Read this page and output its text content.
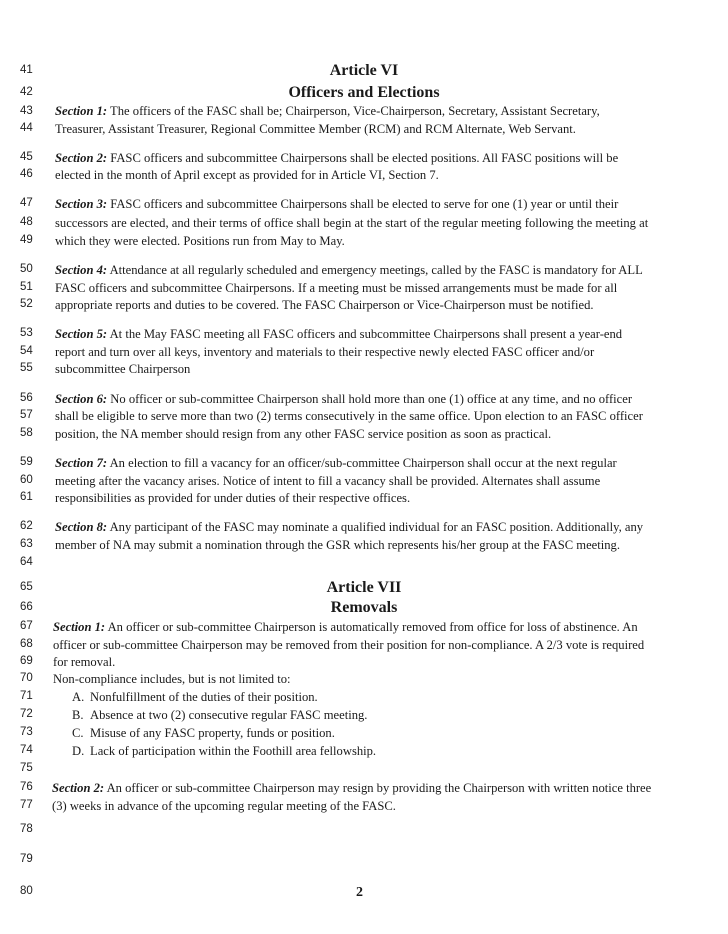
41
42
43
44
45
46
47
48
49
50
51
52
53
54
55
56
57
58
59
60
61
62
63
64
65
66
67
68
69
70
71
72
73
74
75
76
77
78
79
80
Article VI
Officers and Elections
Section 1: The officers of the FASC shall be; Chairperson, Vice-Chairperson, Secretary, Assistant Secretary,
Treasurer, Assistant Treasurer, Regional Committee Member (RCM) and RCM Alternate, Web Servant.
Section 2: FASC officers and subcommittee Chairpersons shall be elected positions. All FASC positions will be
elected in the month of April except as provided for in Article VI, Section 7.
Section 3: FASC officers and subcommittee Chairpersons shall be elected to serve for one (1) year or until their
successors are elected, and their terms of office shall begin at the start of the regular meeting following the meeting at
which they were elected. Positions run from May to May.
Section 4: Attendance at all regularly scheduled and emergency meetings, called by the FASC is mandatory for ALL
FASC officers and subcommittee Chairpersons. If a meeting must be missed arrangements must be made for all
appropriate reports and duties to be covered. The FASC Chairperson or Vice-Chairperson must be notified.
Section 5: At the May FASC meeting all FASC officers and subcommittee Chairpersons shall present a year-end
report and turn over all keys, inventory and materials to their respective newly elected FASC officer and/or
subcommittee Chairperson
Section 6: No officer or sub-committee Chairperson shall hold more than one (1) office at any time, and no officer
shall be eligible to serve more than two (2) terms consecutively in the same office. Upon election to an FASC officer
position, the NA member should resign from any other FASC service position as soon as practical.
Section 7: An election to fill a vacancy for an officer/sub-committee Chairperson shall occur at the next regular
meeting after the vacancy arises. Notice of intent to fill a vacancy shall be provided. Alternates shall assume
responsibilities as provided for under duties of their respective offices.
Section 8: Any participant of the FASC may nominate a qualified individual for an FASC position. Additionally, any
member of NA may submit a nomination through the GSR which represents his/her group at the FASC meeting.
Article VII
Removals
Section 1: An officer or sub-committee Chairperson is automatically removed from office for loss of abstinence. An
officer or sub-committee Chairperson may be removed from their position for non-compliance. A 2/3 vote is required
for removal.
Non-compliance includes, but is not limited to:
A. Nonfulfillment of the duties of their position.
B. Absence at two (2) consecutive regular FASC meeting.
C. Misuse of any FASC property, funds or position.
D. Lack of participation within the Foothill area fellowship.
Section 2: An officer or sub-committee Chairperson may resign by providing the Chairperson with written notice three
(3) weeks in advance of the upcoming regular meeting of the FASC.
2
